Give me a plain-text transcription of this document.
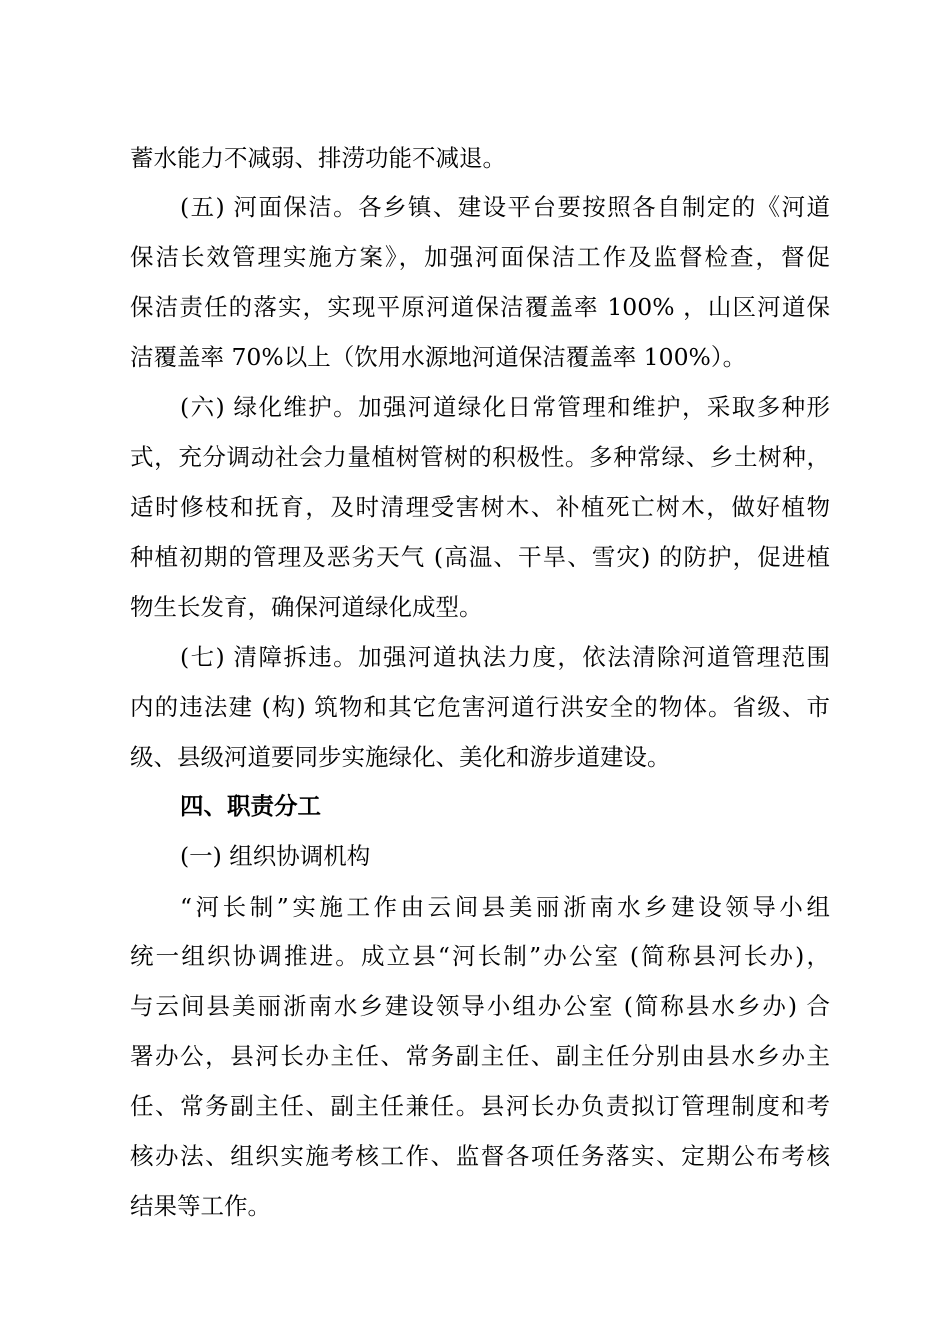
蓄水能力不减弱、排涝功能不减退。
(五) 河面保洁。各乡镇、建设平台要按照各自制定的《河道
保洁长效管理实施方案》，加强河面保洁工作及监督检查，督促
保洁责任的落实，实现平原河道保洁覆盖率 100% ，山区河道保
洁覆盖率 70%以上（饮用水源地河道保洁覆盖率 100%）。
(六) 绿化维护。加强河道绿化日常管理和维护，采取多种形
式，充分调动社会力量植树管树的积极性。多种常绿、乡土树种，
适时修枝和抚育，及时清理受害树木、补植死亡树木，做好植物
种植初期的管理及恶劣天气 (高温、干旱、雪灾) 的防护，促进植
物生长发育，确保河道绿化成型。
(七) 清障拆违。加强河道执法力度，依法清除河道管理范围
内的违法建 (构) 筑物和其它危害河道行洪安全的物体。省级、市
级、县级河道要同步实施绿化、美化和游步道建设。
四、职责分工
(一) 组织协调机构
“河长制”实施工作由云间县美丽浙南水乡建设领导小组
统一组织协调推进。成立县“河长制”办公室 (简称县河长办)，
与云间县美丽浙南水乡建设领导小组办公室 (简称县水乡办) 合
署办公，县河长办主任、常务副主任、副主任分别由县水乡办主
任、常务副主任、副主任兼任。县河长办负责拟订管理制度和考
核办法、组织实施考核工作、监督各项任务落实、定期公布考核
结果等工作。
